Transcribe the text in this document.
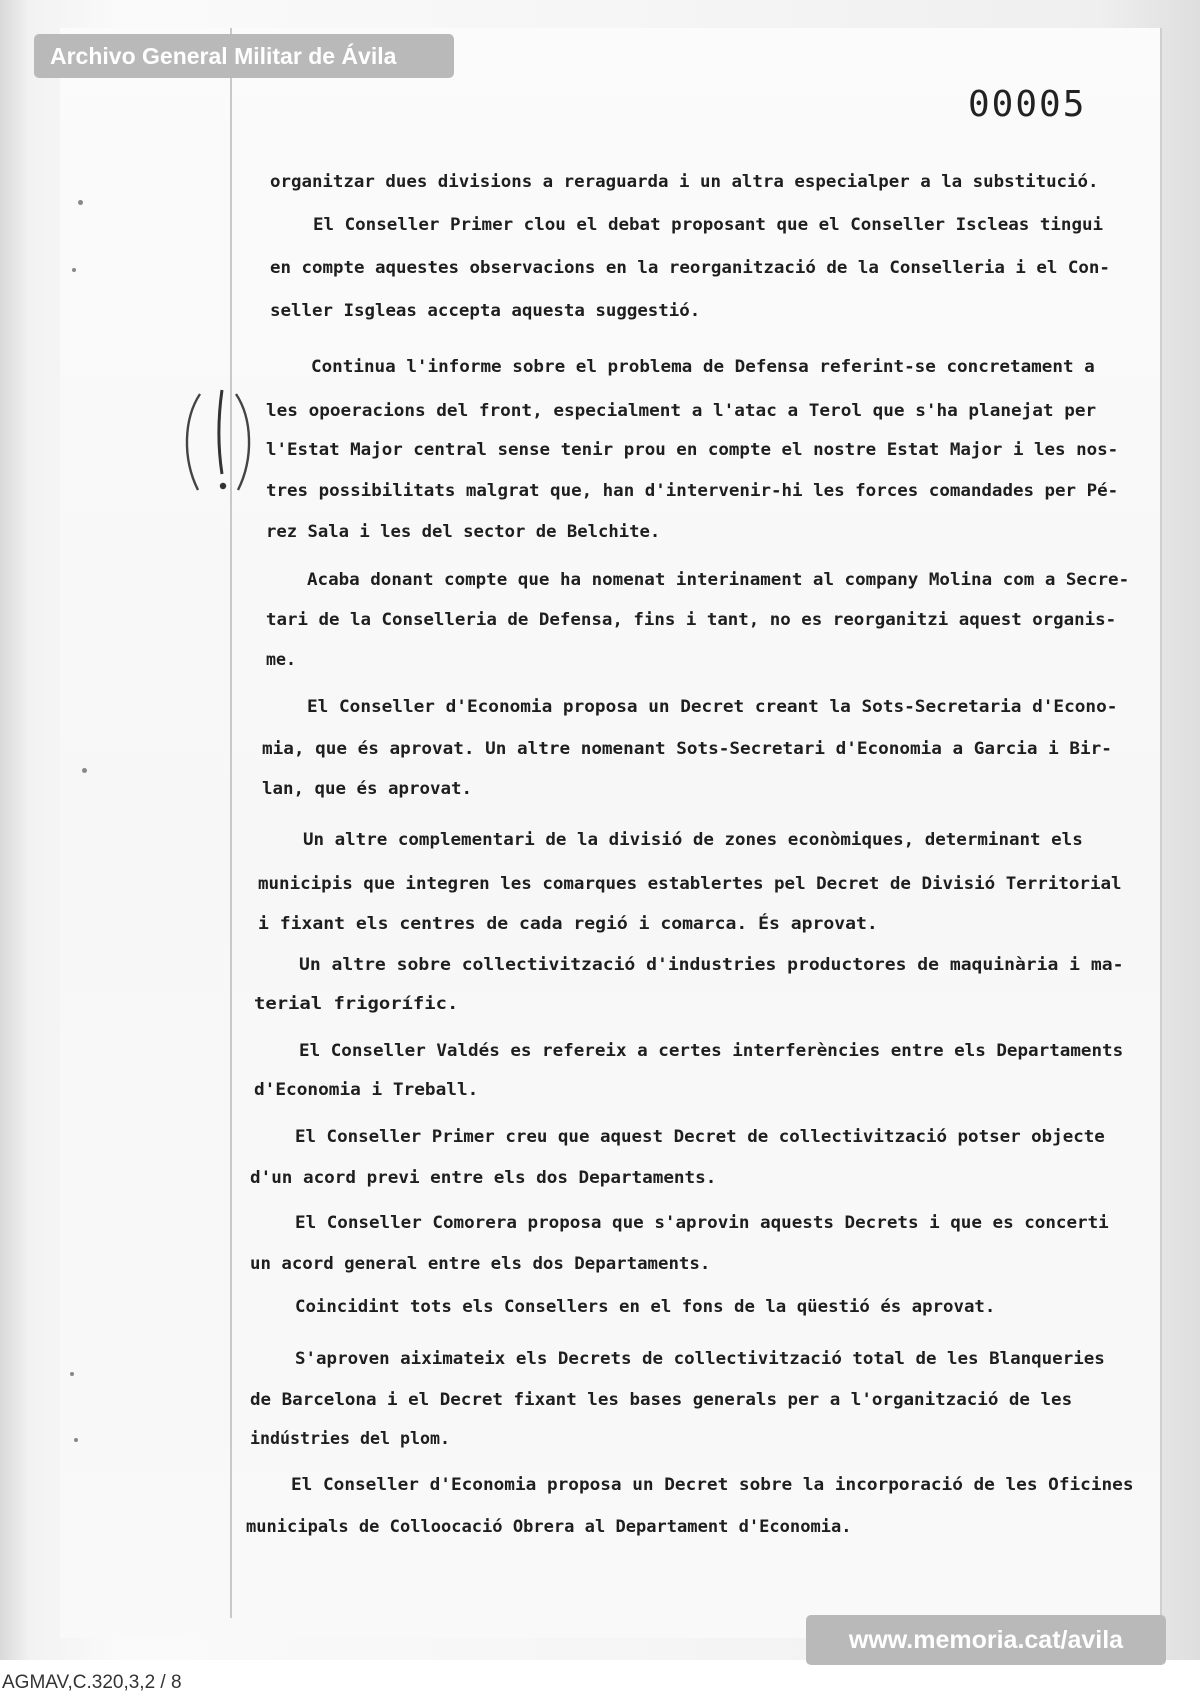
Archivo General Militar de Ávila
00005
organitzar dues divisions a reraguarda i un altra especialper a la substitució.
El Conseller Primer clou el debat proposant que el Conseller Iscleas tingui
en compte aquestes observacions en la reorganització de la Conselleria i el Con-
seller Isgleas accepta aquesta suggestió.
Continua l'informe sobre el problema de Defensa referint-se concretament a
les opoeracions del front, especialment a l'atac a Terol que s'ha planejat per
l'Estat Major central sense tenir prou en compte el nostre Estat Major i les nos-
tres possibilitats malgrat que, han d'intervenir-hi les forces comandades per Pé-
rez Sala i les del sector de Belchite.
Acaba donant compte que ha nomenat interinament al company Molina com a Secre-
tari de la Conselleria de Defensa, fins i tant, no es reorganitzi aquest organis-
me.
El Conseller d'Economia proposa un Decret creant la Sots-Secretaria d'Econo-
mia, que és aprovat. Un altre nomenant Sots-Secretari d'Economia a Garcia i Bir-
lan, que és aprovat.
Un altre complementari de la divisió de zones econòmiques, determinant els
municipis que integren les comarques establertes pel Decret de Divisió Territorial
i fixant els centres de cada regió i comarca. És aprovat.
Un altre sobre collectivització d'industries productores de maquinària i ma-
terial frigorífic.
El Conseller Valdés es refereix a certes interferències entre els Departaments
d'Economia i Treball.
El Conseller Primer creu que aquest Decret de collectivització potser objecte
d'un acord previ entre els dos Departaments.
El Conseller Comorera proposa que s'aprovin aquests Decrets i que es concerti
un acord general entre els dos Departaments.
Coincidint tots els Consellers en el fons de la qüestió és aprovat.
S'aproven aiximateix els Decrets de collectivització total de les Blanqueries
de Barcelona i el Decret fixant les bases generals per a l'organització de les
indústries del plom.
El Conseller d'Economia proposa un Decret sobre la incorporació de les Oficines
municipals de Colloocació Obrera al Departament d'Economia.
www.memoria.cat/avila
AGMAV,C.320,3,2 / 8
